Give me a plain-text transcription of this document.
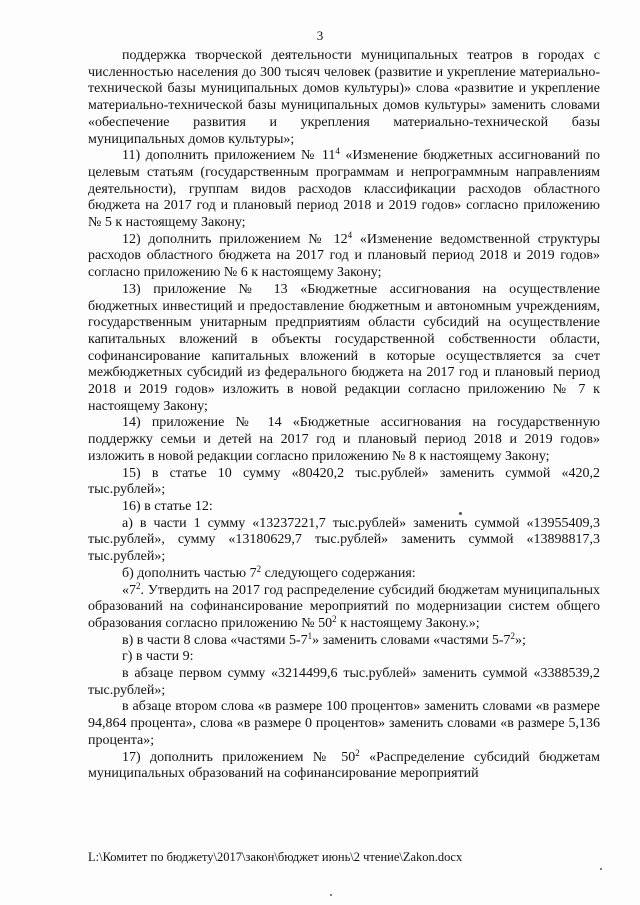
3

поддержка творческой деятельности муниципальных театров в городах с численностью населения до 300 тысяч человек (развитие и укрепление материально-технической базы муниципальных домов культуры)» слова «развитие и укрепление материально-технической базы муниципальных домов культуры» заменить словами «обеспечение развития и укрепления материально-технической базы муниципальных домов культуры»;

11) дополнить приложением № $11^4$ «Изменение бюджетных ассигнований по целевым статьям (государственным программам и непрограммным направлениям деятельности), группам видов расходов классификации расходов областного бюджета на 2017 год и плановый период 2018 и 2019 годов» согласно приложению № 5 к настоящему Закону;

12) дополнить приложением № $12^4$ «Изменение ведомственной структуры расходов областного бюджета на 2017 год и плановый период 2018 и 2019 годов» согласно приложению № 6 к настоящему Закону;

13) приложение № 13 «Бюджетные ассигнования на осуществление бюджетных инвестиций и предоставление бюджетным и автономным учреждениям, государственным унитарным предприятиям области субсидий на осуществление капитальных вложений в объекты государственной собственности области, софинансирование капитальных вложений в которые осуществляется за счет межбюджетных субсидий из федерального бюджета на 2017 год и плановый период 2018 и 2019 годов» изложить в новой редакции согласно приложению № 7 к настоящему Закону;

14) приложение № 14 «Бюджетные ассигнования на государственную поддержку семьи и детей на 2017 год и плановый период 2018 и 2019 годов» изложить в новой редакции согласно приложению № 8 к настоящему Закону;

15) в статье 10 сумму «80420,2 тыс.рублей» заменить суммой «420,2 тыс.рублей»;

16) в статье 12:

а) в части 1 сумму «13237221,7 тыс.рублей» заменить суммой «13955409,3 тыс.рублей», сумму «13180629,7 тыс.рублей» заменить суммой «13898817,3 тыс.рублей»;

б) дополнить частью $7^2$ следующего содержания:

«$7^2$. Утвердить на 2017 год распределение субсидий бюджетам муниципальных образований на софинансирование мероприятий по модернизации систем общего образования согласно приложению № $50^2$ к настоящему Закону.»;

в) в части 8 слова «частями $5-7^1$» заменить словами «частями $5-7^2$»;

г) в части 9:

в абзаце первом сумму «3214499,6 тыс.рублей» заменить суммой «3388539,2 тыс.рублей»;

в абзаце втором слова «в размере 100 процентов» заменить словами «в размере 94,864 процента», слова «в размере 0 процентов» заменить словами «в размере 5,136 процента»;

17) дополнить приложением № $50^2$ «Распределение субсидий бюджетам муниципальных образований на софинансирование мероприятий

L:\Комитет по бюджету\2017\закон\бюджет июнь\2 чтение\Zakon.docx
